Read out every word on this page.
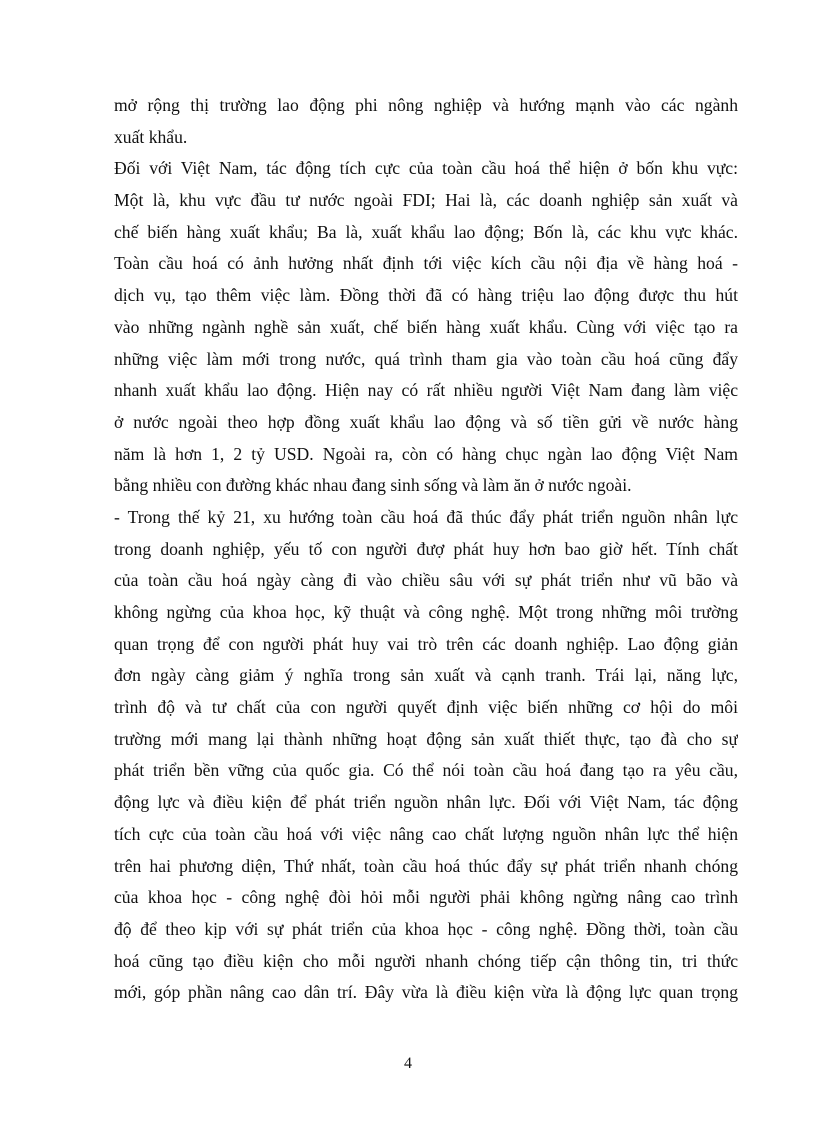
mở rộng thị trường lao động phi nông nghiệp và hướng mạnh vào các ngành
xuất khẩu.
Đối với Việt Nam, tác động tích cực của toàn cầu hoá thể hiện ở bốn khu vực:
Một là, khu vực đầu tư nước ngoài FDI; Hai là, các doanh nghiệp sản xuất và
chế biến hàng xuất khẩu; Ba là, xuất khẩu lao động; Bốn là, các khu vực khác.
Toàn cầu hoá có ảnh hưởng nhất định tới việc kích cầu nội địa về hàng hoá -
dịch vụ, tạo thêm việc làm. Đồng thời đã có hàng triệu lao động được thu hút
vào những ngành nghề sản xuất, chế biến hàng xuất khẩu. Cùng với việc tạo ra
những việc làm mới trong nước, quá trình tham gia vào toàn cầu hoá cũng đẩy
nhanh xuất khẩu lao động. Hiện nay có rất nhiều người Việt Nam đang làm việc
ở nước ngoài theo hợp đồng xuất khẩu lao động và số tiền gửi về nước hàng
năm là hơn 1, 2 tỷ USD. Ngoài ra, còn có hàng chục ngàn lao động Việt Nam
bằng nhiều con đường khác nhau đang sinh sống và làm ăn ở nước ngoài.
- Trong thế kỷ 21, xu hướng toàn cầu hoá đã thúc đẩy phát triển nguồn nhân lực
trong doanh nghiệp, yếu tố con người đượ phát huy hơn bao giờ hết. Tính chất
của toàn cầu hoá ngày càng đi vào chiều sâu với sự phát triển như vũ bão và
không ngừng của khoa học, kỹ thuật và công nghệ. Một trong những môi trường
quan trọng để con người phát huy vai trò trên các doanh nghiệp. Lao động giản
đơn ngày càng giảm ý nghĩa trong sản xuất và cạnh tranh. Trái lại, năng lực,
trình độ và tư chất của con người quyết định việc biến những cơ hội do môi
trường mới mang lại thành những hoạt động sản xuất thiết thực, tạo đà cho sự
phát triển bền vững của quốc gia. Có thể nói toàn cầu hoá đang tạo ra yêu cầu,
động lực và điều kiện để phát triển nguồn nhân lực. Đối với Việt Nam, tác động
tích cực của toàn cầu hoá với việc nâng cao chất lượng nguồn nhân lực thể hiện
trên hai phương diện, Thứ nhất, toàn cầu hoá thúc đẩy sự phát triển nhanh chóng
của khoa học - công nghệ đòi hỏi mỗi người phải không ngừng nâng cao trình
độ để theo kịp với sự phát triển của khoa học - công nghệ. Đồng thời, toàn cầu
hoá cũng tạo điều kiện cho mỗi người nhanh chóng tiếp cận thông tin, tri thức
mới, góp phần nâng cao dân trí. Đây vừa là điều kiện vừa là động lực quan trọng
4
